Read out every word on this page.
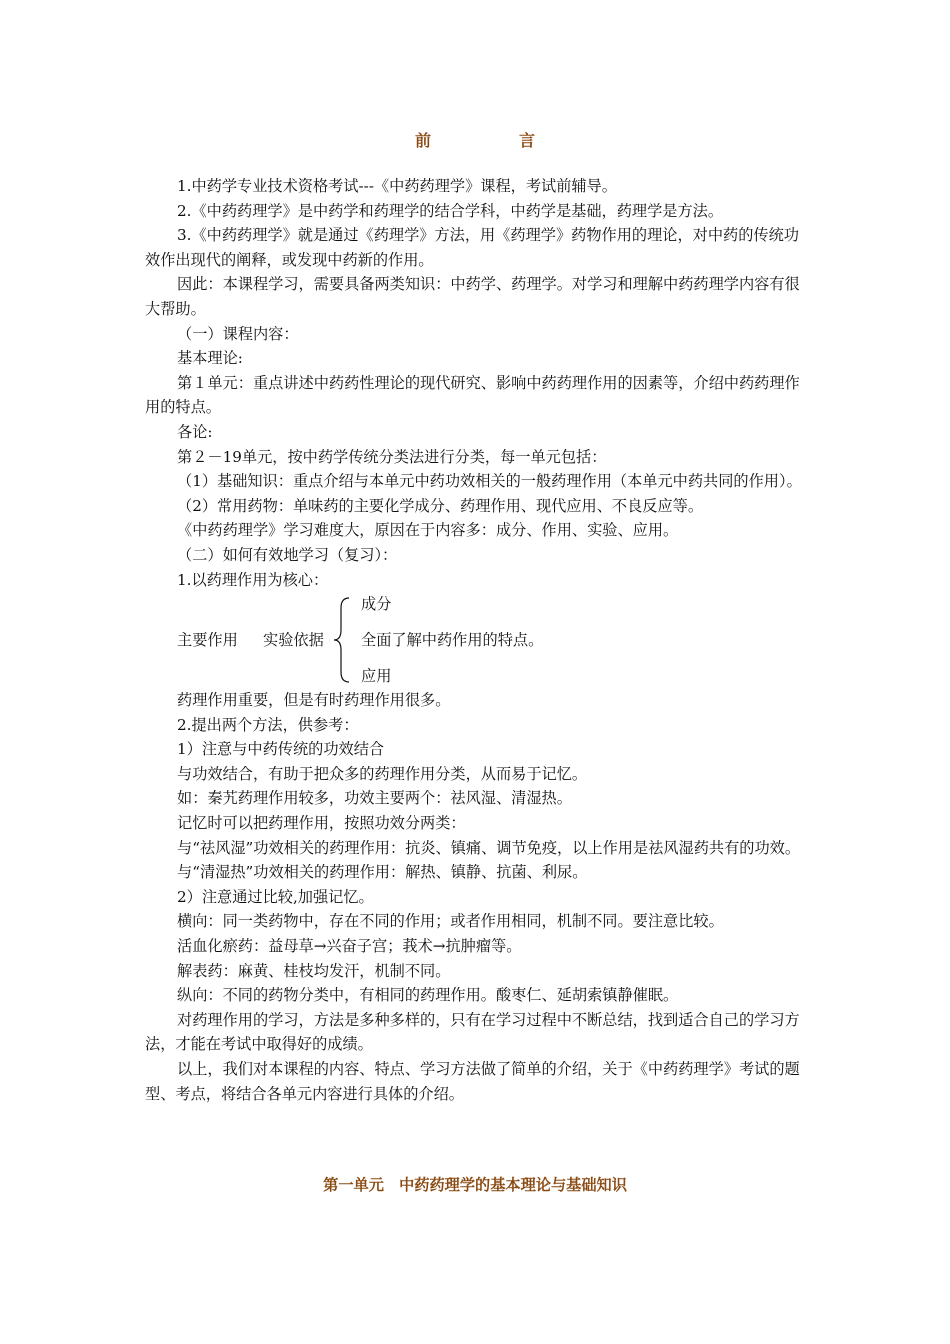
前　言

1.中药学专业技术资格考试---《中药药理学》课程，考试前辅导。

2.《中药药理学》是中药学和药理学的结合学科，中药学是基础，药理学是方法。

3.《中药药理学》就是通过《药理学》方法，用《药理学》药物作用的理论，对中药的传统功效作出现代的阐释，或发现中药新的作用。

因此：本课程学习，需要具备两类知识：中药学、药理学。对学习和理解中药药理学内容有很大帮助。

（一）课程内容：

基本理论:

第１单元：重点讲述中药药性理论的现代研究、影响中药药理作用的因素等，介绍中药药理作用的特点。

各论:

第２－19单元，按中药学传统分类法进行分类，每一单元包括：

（1）基础知识：重点介绍与本单元中药功效相关的一般药理作用（本单元中药共同的作用）。

（2）常用药物：单味药的主要化学成分、药理作用、现代应用、不良反应等。

《中药药理学》学习难度大，原因在于内容多：成分、作用、实验、应用。

（二）如何有效地学习（复习）：

1.以药理作用为核心：

主要作用 实验依据
成分
全面了解中药作用的特点。
应用

药理作用重要，但是有时药理作用很多。

2.提出两个方法，供参考：

1）注意与中药传统的功效结合

与功效结合，有助于把众多的药理作用分类，从而易于记忆。

如：秦艽药理作用较多，功效主要两个：祛风湿、清湿热。

记忆时可以把药理作用，按照功效分两类：

与“祛风湿”功效相关的药理作用：抗炎、镇痛、调节免疫，以上作用是祛风湿药共有的功效。

与“清湿热”功效相关的药理作用：解热、镇静、抗菌、利尿。

2）注意通过比较,加强记忆。

横向：同一类药物中，存在不同的作用；或者作用相同，机制不同。要注意比较。

活血化瘀药：益母草→兴奋子宫；莪术→抗肿瘤等。

解表药：麻黄、桂枝均发汗，机制不同。

纵向：不同的药物分类中，有相同的药理作用。酸枣仁、延胡索镇静催眠。

对药理作用的学习，方法是多种多样的，只有在学习过程中不断总结，找到适合自己的学习方法，才能在考试中取得好的成绩。

以上，我们对本课程的内容、特点、学习方法做了简单的介绍，关于《中药药理学》考试的题型、考点，将结合各单元内容进行具体的介绍。

第一单元　中药药理学的基本理论与基础知识
